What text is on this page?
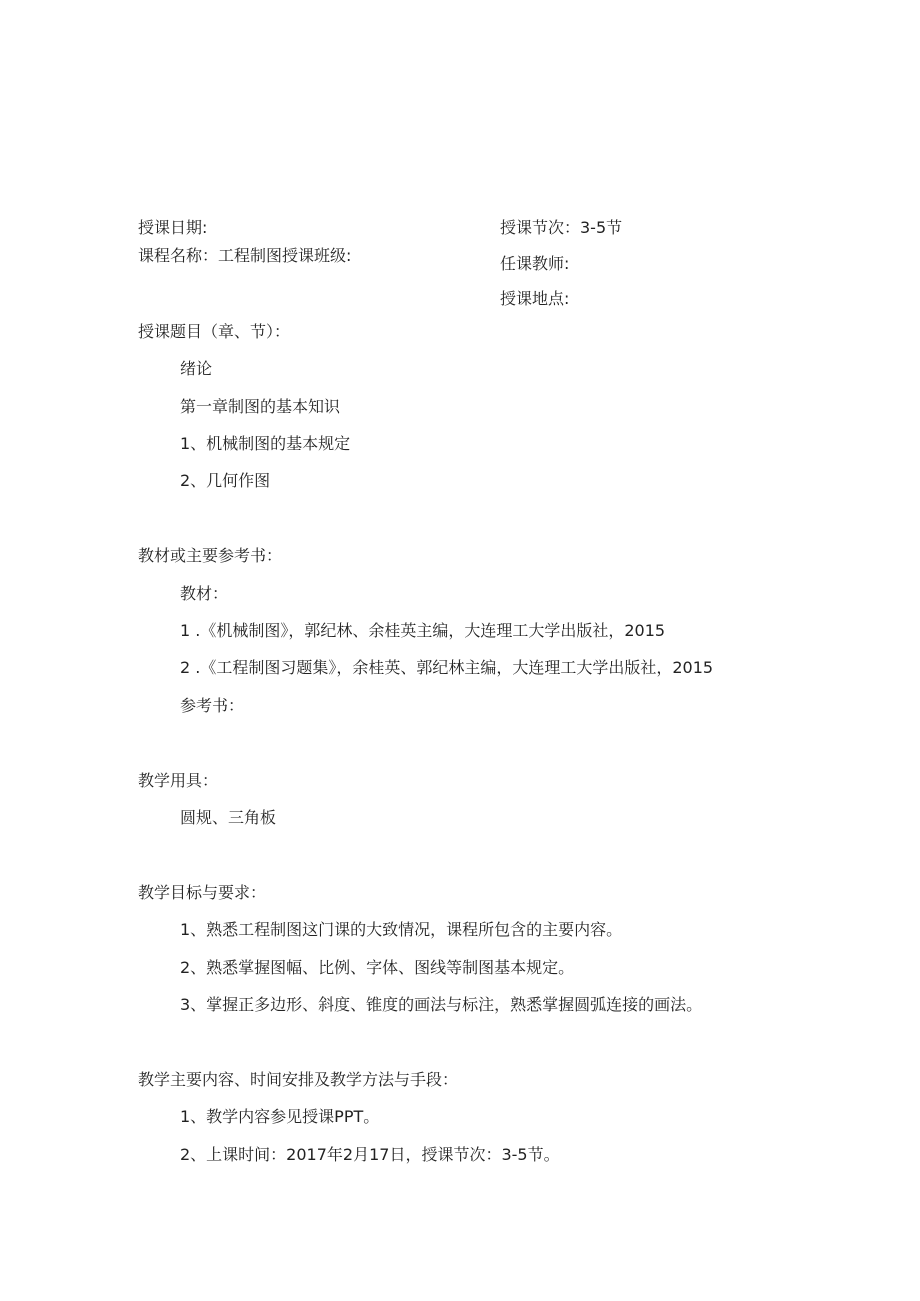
授课日期:	授课节次：3-5节
课程名称：工程制图授课班级:	任课教师:
授课地点:
授课题目（章、节）：
绪论
第一章制图的基本知识
1、机械制图的基本规定
2、几何作图
教材或主要参考书：
教材：
1 .《机械制图》，郭纪林、余桂英主编，大连理工大学出版社，2015
2 .《工程制图习题集》，余桂英、郭纪林主编，大连理工大学出版社，2015
参考书：
教学用具：
圆规、三角板
教学目标与要求：
1、熟悉工程制图这门课的大致情况，课程所包含的主要内容。
2、熟悉掌握图幅、比例、字体、图线等制图基本规定。
3、掌握正多边形、斜度、锥度的画法与标注，熟悉掌握圆弧连接的画法。
教学主要内容、时间安排及教学方法与手段：
1、教学内容参见授课PPT。
2、上课时间：2017年2月17日，授课节次：3-5节。
